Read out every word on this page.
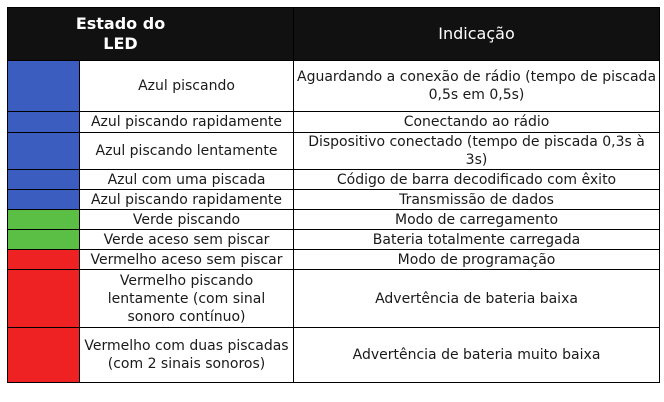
Estado do
LED		Indicação
	Azul piscando	Aguardando a conexão de rádio (tempo de piscada 0,5s em 0,5s)
	Azul piscando rapidamente	Conectando ao rádio
	Azul piscando lentamente	Dispositivo conectado (tempo de piscada 0,3s à 3s)
	Azul com uma piscada	Código de barra decodificado com êxito
	Azul piscando rapidamente	Transmissão de dados
	Verde piscando	Modo de carregamento
	Verde aceso sem piscar	Bateria totalmente carregada
	Vermelho aceso sem piscar	Modo de programação
	Vermelho piscando lentamente (com sinal sonoro contínuo)	Advertência de bateria baixa
	Vermelho com duas piscadas (com 2 sinais sonoros)	Advertência de bateria muito baixa
